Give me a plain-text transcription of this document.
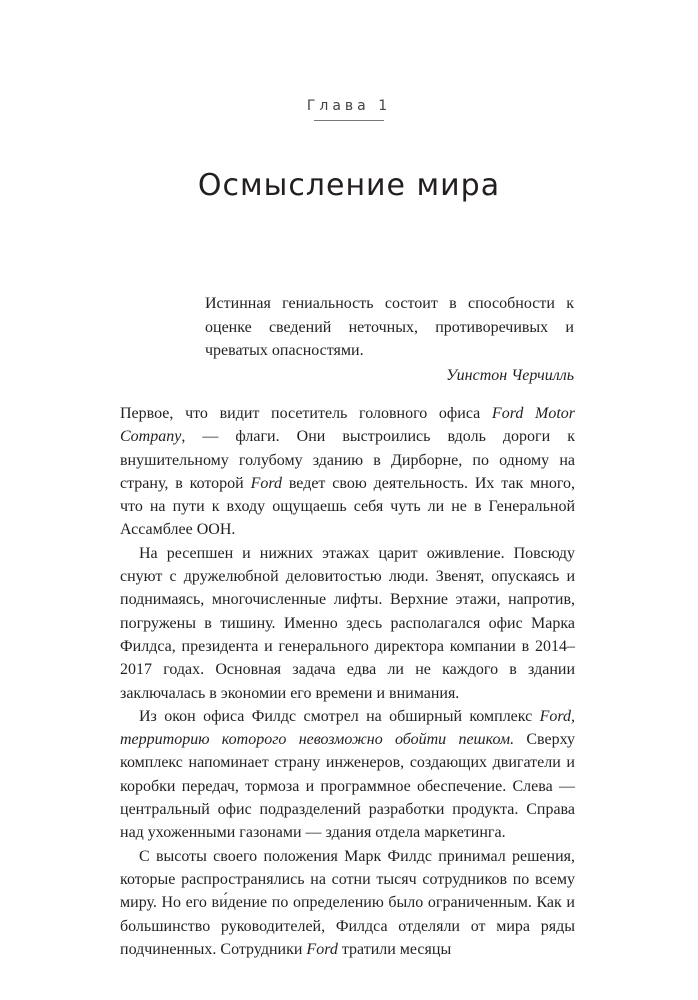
Глава 1
Осмысление мира

Истинная гениальность состоит в способности к оценке сведений неточных, противоречивых и чреватых опасностями.

Уинстон Черчилль

Первое, что видит посетитель головного офиса Ford Motor Company, — флаги. Они выстроились вдоль дороги к внушительному голубому зданию в Дирборне, по одному на страну, в которой Ford ведет свою деятельность. Их так много, что на пути к входу ощущаешь себя чуть ли не в Генеральной Ассамблее ООН.

На ресепшен и нижних этажах царит оживление. Повсюду снуют с дружелюбной деловитостью люди. Звенят, опускаясь и поднимаясь, многочисленные лифты. Верхние этажи, напротив, погружены в тишину. Именно здесь располагался офис Марка Филдса, президента и генерального директора компании в 2014–2017 годах. Основная задача едва ли не каждого в здании заключалась в экономии его времени и внимания.

Из окон офиса Филдс смотрел на обширный комплекс Ford, территорию которого невозможно обойти пешком. Сверху комплекс напоминает страну инженеров, создающих двигатели и коробки передач, тормоза и программное обеспечение. Слева — центральный офис подразделений разработки продукта. Справа над ухоженными газонами — здания отдела маркетинга.

С высоты своего положения Марк Филдс принимал решения, которые распространялись на сотни тысяч сотрудников по всему миру. Но его ви́дение по определению было ограниченным. Как и большинство руководителей, Филдса отделяли от мира ряды подчиненных. Сотрудники Ford тратили месяцы
